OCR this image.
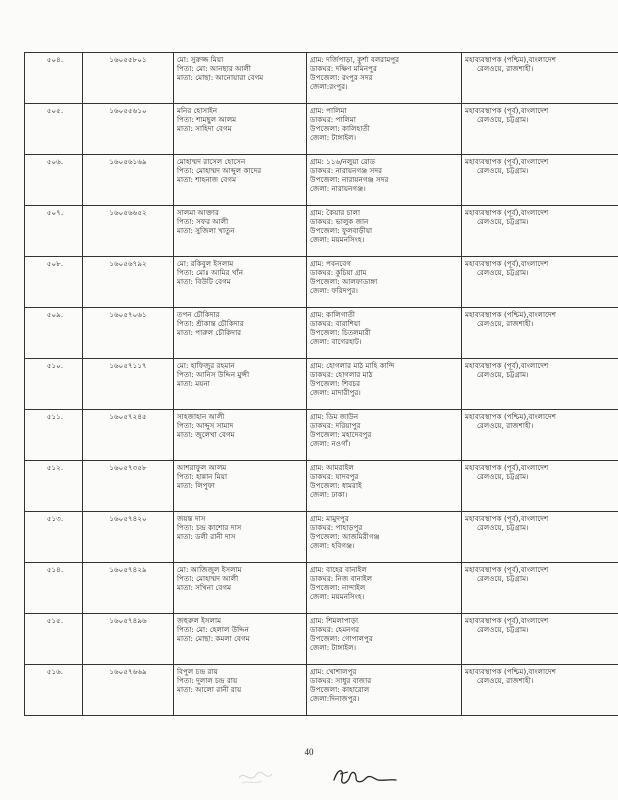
৫০৪.	১৬০৫৫৮০১	মো: সুরুজ্জ মিয়া
পিতা: মো: আনছার আলী
মাতা: মোছা: আনোয়ারা বেগম	গ্রাম: দর্জিপাড়া, কুর্শা বলরামপুর
ডাকঘর: দক্ষিণ মমিনপুর
উপজেলা: রংপুর সদর
জেলা:রংপুর।	মহাব্যবস্থাপক (পশ্চিম),বাংলাদেশ
রেলওয়ে, রাজশাহী।

৫০৫.	১৬০৫৫৬১০	মনির হোসাইন
পিতা: শামছুল আলম
মাতা: সাহিদা বেগম	গ্রাম: পালিমা
ডাকঘর: পালিমা
উপজেলা: কালিহাতী
জেলা: টাঙ্গাইল।	মহাব্যবস্থাপক (পূর্ব),বাংলাদেশ
রেলওয়ে, চট্টগ্রাম।

৫০৬.	১৬০৫৬১৬৯	মোহাম্মদ রাসেল হোসেন
পিতা: মোহাম্মদ আব্দুল কাদের
মাতা: শাহনাজ বেগম	গ্রাম: ১১৬/নলুয়া রোড
ডাকঘর: নারায়নগঞ্জ সদর
উপজেলা: নারায়নগঞ্জ সদর
জেলা: নারায়নগঞ্জ।	মহাব্যবস্থাপক (পূর্ব),বাংলাদেশ
রেলওয়ে, চট্টগ্রাম।

৫০৭.	১৬০৫৬৬৫২	সালমা আক্তার
পিতা: সফর আলী
মাতা: সুজিলা খাতুন	গ্রাম: কৈয়ার চালা
ডাকঘর: ভালুক জান
উপজেলা: ফুলবাড়ীয়া
জেলা: ময়মনসিংহ।	মহাব্যবস্থাপক (পূর্ব),বাংলাদেশ
রেলওয়ে, চট্টগ্রাম।

৫০৮.	১৬০৫৬৭৯২	মো: রকিবুল ইসলাম
পিতা: মোঃ আমির খাঁন
মাতা: বিউটি বেগম	গ্রাম: পবনবেগ
ডাকঘর: কুচিয়া গ্রাম
উপজেলা: আলফাডাঙ্গা
জেলা: ফরিদপুর।	মহাব্যবস্থাপক (পূর্ব),বাংলাদেশ
রেলওয়ে, চট্টগ্রাম।

৫০৯.	১৬০৫৭০৬১	তপন চৌকিদার
পিতা: শ্রীকান্ত চৌকিদার
মাতা: পারুল চৌকিদার	গ্রাম: কালিগাতী
ডাকঘর: বারাশিয়া
উপজেলা: চিতলমারী
জেলা: বাগেরহাট।	মহাব্যবস্থাপক (পশ্চিম),বাংলাদেশ
রেলওয়ে, রাজশাহী।

৫১০.	১৬০৫৭১১৭	মো: হাফিজুর রহমান
পিতা: আনিস উদ্দিন মুন্সী
মাতা: ময়না	গ্রাম: হোগলার মাঠ মাহি কান্দি
ডাকঘর: হোগলার মাঠ
উপজেলা: শিবচর
জেলা: মাদারীপুর।	মহাব্যবস্থাপক (পূর্ব),বাংলাদেশ
রেলওয়ে, চট্টগ্রাম।

৫১১.	১৬০৫৭২৪৫	সাহজাহান আলী
পিতা: আব্দুস সামাদ
মাতা: জুলেখা বেগম	গ্রাম: ডিম জাউন
ডাকঘর: দরিয়াপুর
উপজেলা: মহাদেবপুর
জেলা: নওগাঁ।	মহাব্যবস্থাপক (পশ্চিম),বাংলাদেশ
রেলওয়ে, রাজশাহী।

৫১২.	১৬০৫৭৩৫৮	আশরাফুল আলম
পিতা: হান্নান মিয়া
মাতা: লিপুফা	গ্রাম: আমরাইল
ডাকঘর: যাদবপুর
উপজেলা: ধামরাই
জেলা: ঢাকা।	মহাব্যবস্থাপক (পূর্ব),বাংলাদেশ
রেলওয়ে, চট্টগ্রাম।

৫১৩.	১৬০৫৭৪২০	জয়ন্ত দাস
পিতা: চন্দ্র কাশোর দাস
মাতা: ডলী রানী দাস	গ্রাম: মামুদপুর
ডাকঘর: পাহাড়পুর
উপজেলা: আজমিরীগঞ্জ
জেলা: হবিগঞ্জ।	মহাব্যবস্থাপক (পূর্ব),বাংলাদেশ
রেলওয়ে, চট্টগ্রাম।

৫১৪.	১৬০৫৭৪২৯	মো: আজিজুল ইসলাম
পিতা: মোহাম্মদ আলী
মাতা: সখিনা বেগম	গ্রাম: বাহের বানাইল
ডাকঘর: নিজ বানাইল
উপজেলা: নান্দাইল
জেলা: ময়মনসিংহ।	মহাব্যবস্থাপক (পূর্ব),বাংলাদেশ
রেলওয়ে, চট্টগ্রাম।

৫১৫.	১৬০৫৭৪৯৬	জহুরুল ইসলাম
পিতা: মো: হেলাল উদ্দিন
মাতা: মোছা: কমলা বেগম	গ্রাম: শিমলাপাড়া
ডাকঘর: হেমনগর
উপজেলা: গোপালপুর
জেলা: টাঙ্গাইল।	মহাব্যবস্থাপক (পূর্ব),বাংলাদেশ
রেলওয়ে, চট্টগ্রাম।

৫১৬.	১৬০৫৭৬৬৯	বিপুল চন্দ্র রায়
পিতা: দুলাল চন্দ্র রায়
মাতা: আলো রানী রায়	গ্রাম: খোশালপুর
ডাকঘর: সাধুর বাজার
উপজেলা: কাহারোল
জেলা:দিনাজপুর।	মহাব্যবস্থাপক (পশ্চিম),বাংলাদেশ
রেলওয়ে, রাজশাহী।
40
